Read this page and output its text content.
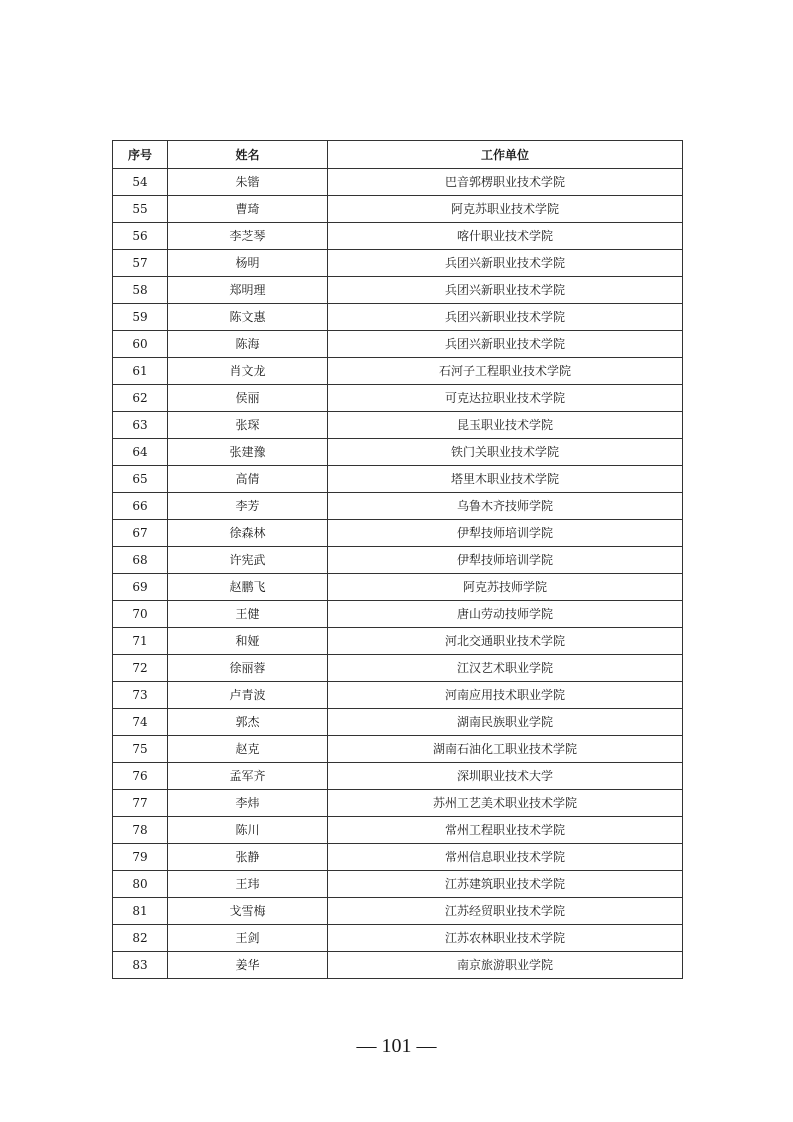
序号	姓名	工作单位
54	朱锴	巴音郭楞职业技术学院
55	曹琦	阿克苏职业技术学院
56	李芝琴	喀什职业技术学院
57	杨明	兵团兴新职业技术学院
58	郑明理	兵团兴新职业技术学院
59	陈文惠	兵团兴新职业技术学院
60	陈海	兵团兴新职业技术学院
61	肖文龙	石河子工程职业技术学院
62	侯丽	可克达拉职业技术学院
63	张琛	昆玉职业技术学院
64	张建豫	铁门关职业技术学院
65	高倩	塔里木职业技术学院
66	李芳	乌鲁木齐技师学院
67	徐森林	伊犁技师培训学院
68	许宪武	伊犁技师培训学院
69	赵鹏飞	阿克苏技师学院
70	王健	唐山劳动技师学院
71	和娅	河北交通职业技术学院
72	徐丽蓉	江汉艺术职业学院
73	卢青波	河南应用技术职业学院
74	郭杰	湖南民族职业学院
75	赵克	湖南石油化工职业技术学院
76	孟军齐	深圳职业技术大学
77	李炜	苏州工艺美术职业技术学院
78	陈川	常州工程职业技术学院
79	张静	常州信息职业技术学院
80	王玮	江苏建筑职业技术学院
81	戈雪梅	江苏经贸职业技术学院
82	王剑	江苏农林职业技术学院
83	姜华	南京旅游职业学院
— 101 —
